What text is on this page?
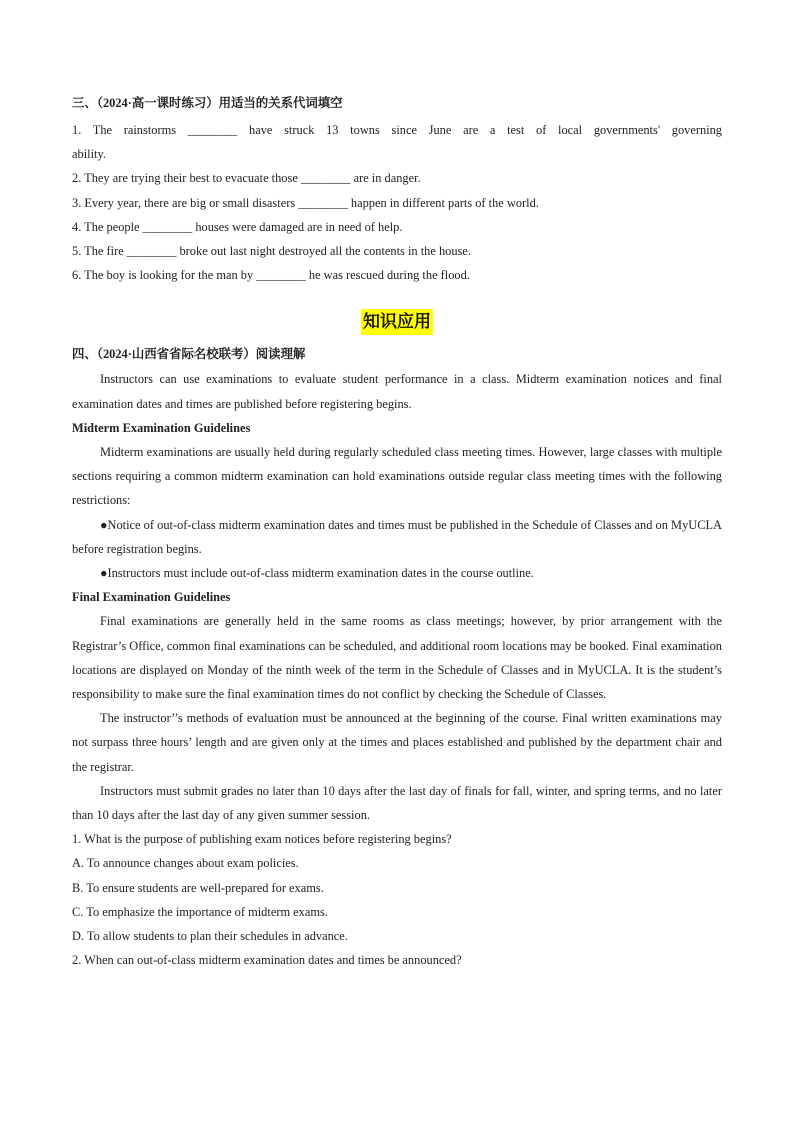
三、（2024·高一课时练习）用适当的关系代词填空
1. The rainstorms ________ have struck 13 towns since June are a test of local governments' governing
ability.
2. They are trying their best to evacuate those ________ are in danger.
3. Every year, there are big or small disasters ________ happen in different parts of the world.
4. The people ________ houses were damaged are in need of help.
5. The fire ________ broke out last night destroyed all the contents in the house.
6. The boy is looking for the man by ________ he was rescued during the flood.
知识应用
四、（2024·山西省省际名校联考）阅读理解
Instructors can use examinations to evaluate student performance in a class. Midterm examination notices and final examination dates and times are published before registering begins.
Midterm Examination Guidelines
Midterm examinations are usually held during regularly scheduled class meeting times. However, large classes with multiple sections requiring a common midterm examination can hold examinations outside regular class meeting times with the following restrictions:
●Notice of out-of-class midterm examination dates and times must be published in the Schedule of Classes and on MyUCLA before registration begins.
●Instructors must include out-of-class midterm examination dates in the course outline.
Final Examination Guidelines
Final examinations are generally held in the same rooms as class meetings; however, by prior arrangement with the Registrar’s Office, common final examinations can be scheduled, and additional room locations may be booked. Final examination locations are displayed on Monday of the ninth week of the term in the Schedule of Classes and in MyUCLA. It is the student’s responsibility to make sure the final examination times do not conflict by checking the Schedule of Classes.
The instructor’’s methods of evaluation must be announced at the beginning of the course. Final written examinations may not surpass three hours’ length and are given only at the times and places established and published by the department chair and the registrar.
Instructors must submit grades no later than 10 days after the last day of finals for fall, winter, and spring terms, and no later than 10 days after the last day of any given summer session.
1. What is the purpose of publishing exam notices before registering begins?
A. To announce changes about exam policies.
B. To ensure students are well-prepared for exams.
C. To emphasize the importance of midterm exams.
D. To allow students to plan their schedules in advance.
2. When can out-of-class midterm examination dates and times be announced?
